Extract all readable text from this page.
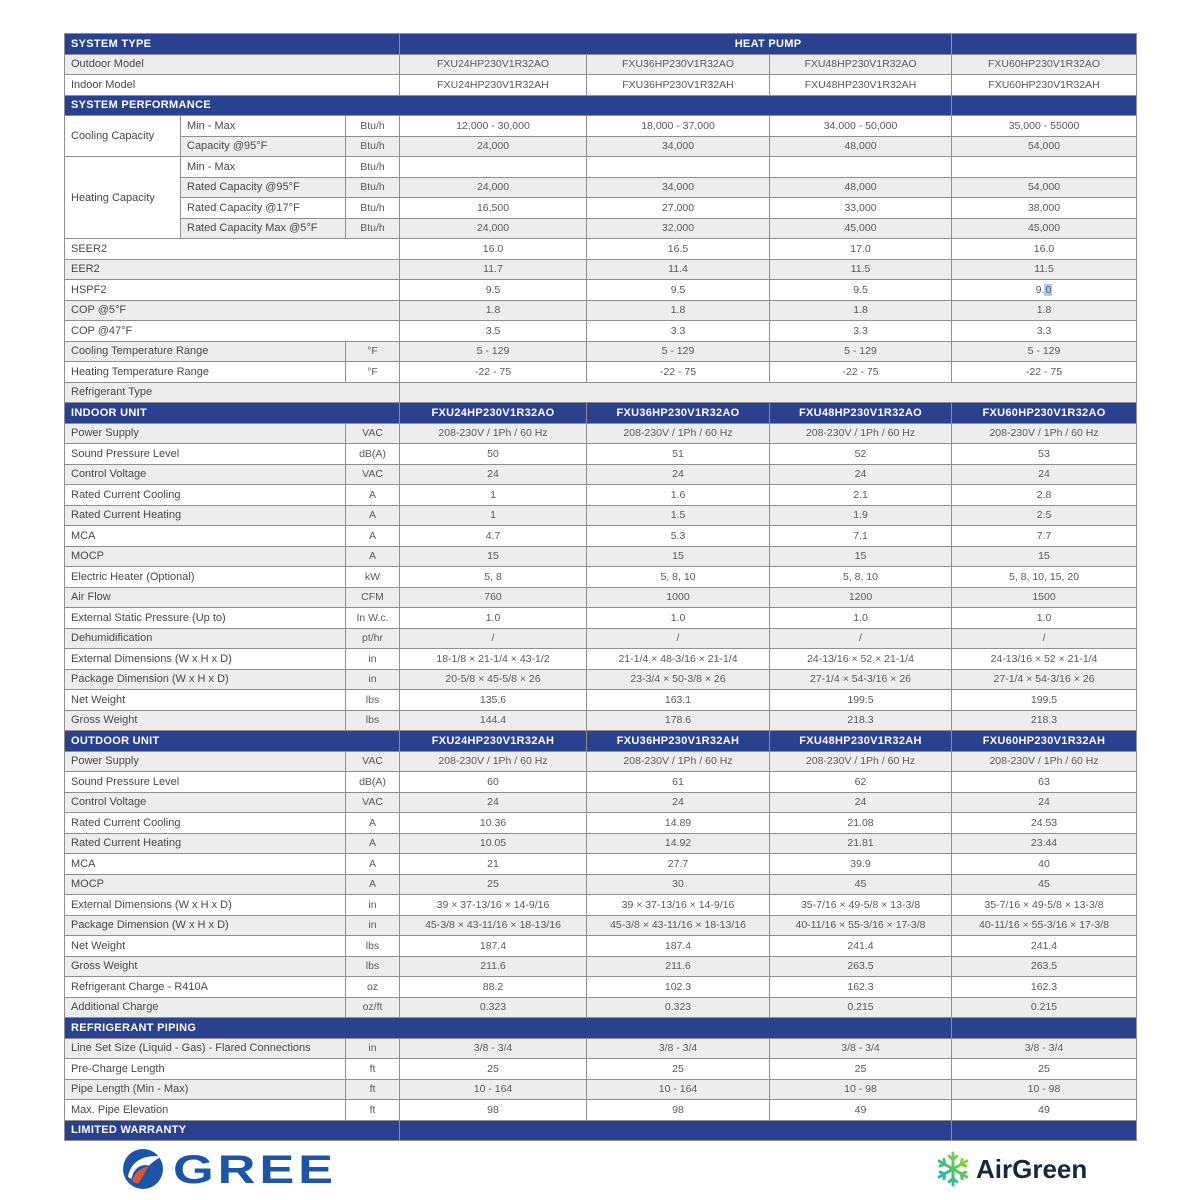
SYSTEM TYPE			HEAT PUMP			
Outdoor Model			FXU24HP230V1R32AO	FXU36HP230V1R32AO	FXU48HP230V1R32AO	FXU60HP230V1R32AO
Indoor Model			FXU24HP230V1R32AH	FXU36HP230V1R32AH	FXU48HP230V1R32AH	FXU60HP230V1R32AH
SYSTEM PERFORMANCE						
Cooling Capacity	Min - Max	Btu/h	12,000 - 30,000	18,000 - 37,000	34,000 - 50,000	35,000 - 55000
	Capacity @95°F	Btu/h	24,000	34,000	48,000	54,000
Heating Capacity	Min - Max	Btu/h				
	Rated Capacity @95°F	Btu/h	24,000	34,000	48,000	54,000
	Rated Capacity @17°F	Btu/h	16,500	27,000	33,000	38,000
	Rated Capacity Max @5°F	Btu/h	24,000	32,000	45,000	45,000
SEER2			16.0	16.5	17.0	16.0
EER2			11.7	11.4	11.5	11.5
HSPF2			9.5	9.5	9.5	9.0
COP @5°F			1.8	1.8	1.8	1.8
COP @47°F			3.5	3.3	3.3	3.3
Cooling Temperature Range		°F	5 - 129	5 - 129	5 - 129	5 - 129
Heating Temperature Range		°F	-22 - 75	-22 - 75	-22 - 75	-22 - 75
Refrigerant Type						
INDOOR UNIT			FXU24HP230V1R32AO	FXU36HP230V1R32AO	FXU48HP230V1R32AO	FXU60HP230V1R32AO
Power Supply		VAC	208-230V / 1Ph / 60 Hz	208-230V / 1Ph / 60 Hz	208-230V / 1Ph / 60 Hz	208-230V / 1Ph / 60 Hz
Sound Pressure Level		dB(A)	50	51	52	53
Control Voltage		VAC	24	24	24	24
Rated Current Cooling		A	1	1.6	2.1	2.8
Rated Current Heating		A	1	1.5	1.9	2.5
MCA		A	4.7	5.3	7.1	7.7
MOCP		A	15	15	15	15
Electric Heater (Optional)		kW	5, 8	5, 8, 10	5, 8, 10	5, 8, 10, 15, 20
Air Flow		CFM	760	1000	1200	1500
External Static Pressure (Up to)		In W.c.	1.0	1.0	1.0	1.0
Dehumidification		pt/hr	/	/	/	/
External Dimensions (W x H x D)		in	18-1/8 × 21-1/4 × 43-1/2	21-1/4 × 48-3/16 × 21-1/4	24-13/16 × 52 × 21-1/4	24-13/16 × 52 × 21-1/4
Package Dimension (W x H x D)		in	20-5/8 × 45-5/8 × 26	23-3/4 × 50-3/8 × 26	27-1/4 × 54-3/16 × 26	27-1/4 × 54-3/16 × 26
Net Weight		lbs	135.6	163.1	199.5	199.5
Gross Weight		lbs	144.4	178.6	218.3	218.3
OUTDOOR UNIT			FXU24HP230V1R32AH	FXU36HP230V1R32AH	FXU48HP230V1R32AH	FXU60HP230V1R32AH
Power Supply		VAC	208-230V / 1Ph / 60 Hz	208-230V / 1Ph / 60 Hz	208-230V / 1Ph / 60 Hz	208-230V / 1Ph / 60 Hz
Sound Pressure Level		dB(A)	60	61	62	63
Control Voltage		VAC	24	24	24	24
Rated Current Cooling		A	10.36	14.89	21.08	24.53
Rated Current Heating		A	10.05	14.92	21.81	23.44
MCA		A	21	27.7	39.9	40
MOCP		A	25	30	45	45
External Dimensions (W x H x D)		in	39 × 37-13/16 × 14-9/16	39 × 37-13/16 × 14-9/16	35-7/16 × 49-5/8 × 13-3/8	35-7/16 × 49-5/8 × 13-3/8
Package Dimension (W x H x D)		in	45-3/8 × 43-11/16 × 18-13/16	45-3/8 × 43-11/16 × 18-13/16	40-11/16 × 55-3/16 × 17-3/8	40-11/16 × 55-3/16 × 17-3/8
Net Weight		lbs	187.4	187.4	241.4	241.4
Gross Weight		lbs	211.6	211.6	263.5	263.5
Refrigerant Charge - R410A		oz	88.2	102.3	162.3	162.3
Additional Charge		oz/ft	0.323	0.323	0.215	0.215
REFRIGERANT PIPING						
Line Set Size (Liquid - Gas) - Flared Connections		in	3/8 - 3/4	3/8 - 3/4	3/8 - 3/4	3/8 - 3/4
Pre-Charge Length		ft	25	25	25	25
Pipe Length (Min - Max)		ft	10 - 164	10 - 164	10 - 98	10 - 98
Max. Pipe Elevation		ft	98	98	49	49
LIMITED WARRANTY						
GREE	AirGreen
